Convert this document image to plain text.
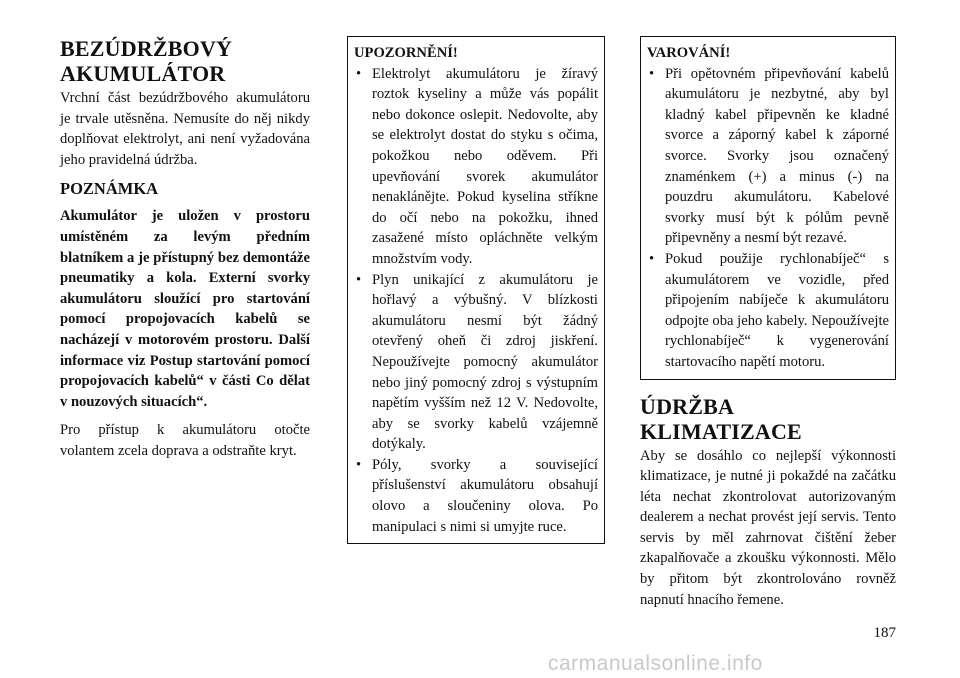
BEZÚDRŽBOVÝ AKUMULÁTOR

Vrchní část bezúdržbového akumulátoru je trvale utěsněna. Nemusíte do něj nikdy doplňovat elektrolyt, ani není vyžadována jeho pravidelná údržba.

POZNÁMKA

Akumulátor je uložen v prostoru umístěném za levým předním blatníkem a je přístupný bez demontáže pneumatiky a kola. Externí svorky akumulátoru sloužící pro startování pomocí propojovacích kabelů se nacházejí v motorovém prostoru. Další informace viz Postup startování pomocí propojovacích kabelů“ v části Co dělat v nouzových situacích“.

Pro přístup k akumulátoru otočte volantem zcela doprava a odstraňte kryt.

UPOZORNĚNÍ!
• Elektrolyt akumulátoru je žíravý roztok kyseliny a může vás popálit nebo dokonce oslepit. Nedovolte, aby se elektrolyt dostat do styku s očima, pokožkou nebo oděvem. Při upevňování svorek akumulátor nenaklánějte. Pokud kyselina stříkne do očí nebo na pokožku, ihned zasažené místo opláchněte velkým množstvím vody.
• Plyn unikající z akumulátoru je hořlavý a výbušný. V blízkosti akumulátoru nesmí být žádný otevřený oheň či zdroj jiskření. Nepoužívejte pomocný akumulátor nebo jiný pomocný zdroj s výstupním napětím vyšším než 12 V. Nedovolte, aby se svorky kabelů vzájemně dotýkaly.
• Póly, svorky a související příslušenství akumulátoru obsahují olovo a sloučeniny olova. Po manipulaci s nimi si umyjte ruce.
VAROVÁNÍ!
• Při opětovném připevňování kabelů akumulátoru je nezbytné, aby byl kladný kabel připevněn ke kladné svorce a záporný kabel k záporné svorce. Svorky jsou označený znaménkem (+) a minus (-) na pouzdru akumulátoru. Kabelové svorky musí být k pólům pevně připevněny a nesmí být rezavé.
• Pokud použije rychlonabíječ“ s akumulátorem ve vozidle, před připojením nabíječe k akumulátoru odpojte oba jeho kabely. Nepoužívejte rychlonabíječ“ k vygenerování startovacího napětí motoru.
ÚDRŽBA KLIMATIZACE

Aby se dosáhlo co nejlepší výkonnosti klimatizace, je nutné ji pokaždé na začátku léta nechat zkontrolovat autorizovaným dealerem a nechat provést její servis. Tento servis by měl zahrnovat čištění žeber zkapalňovače a zkoušku výkonnosti. Mělo by přitom být zkontrolováno rovněž napnutí hnacího řemene.

187
carmanualsonline.info
